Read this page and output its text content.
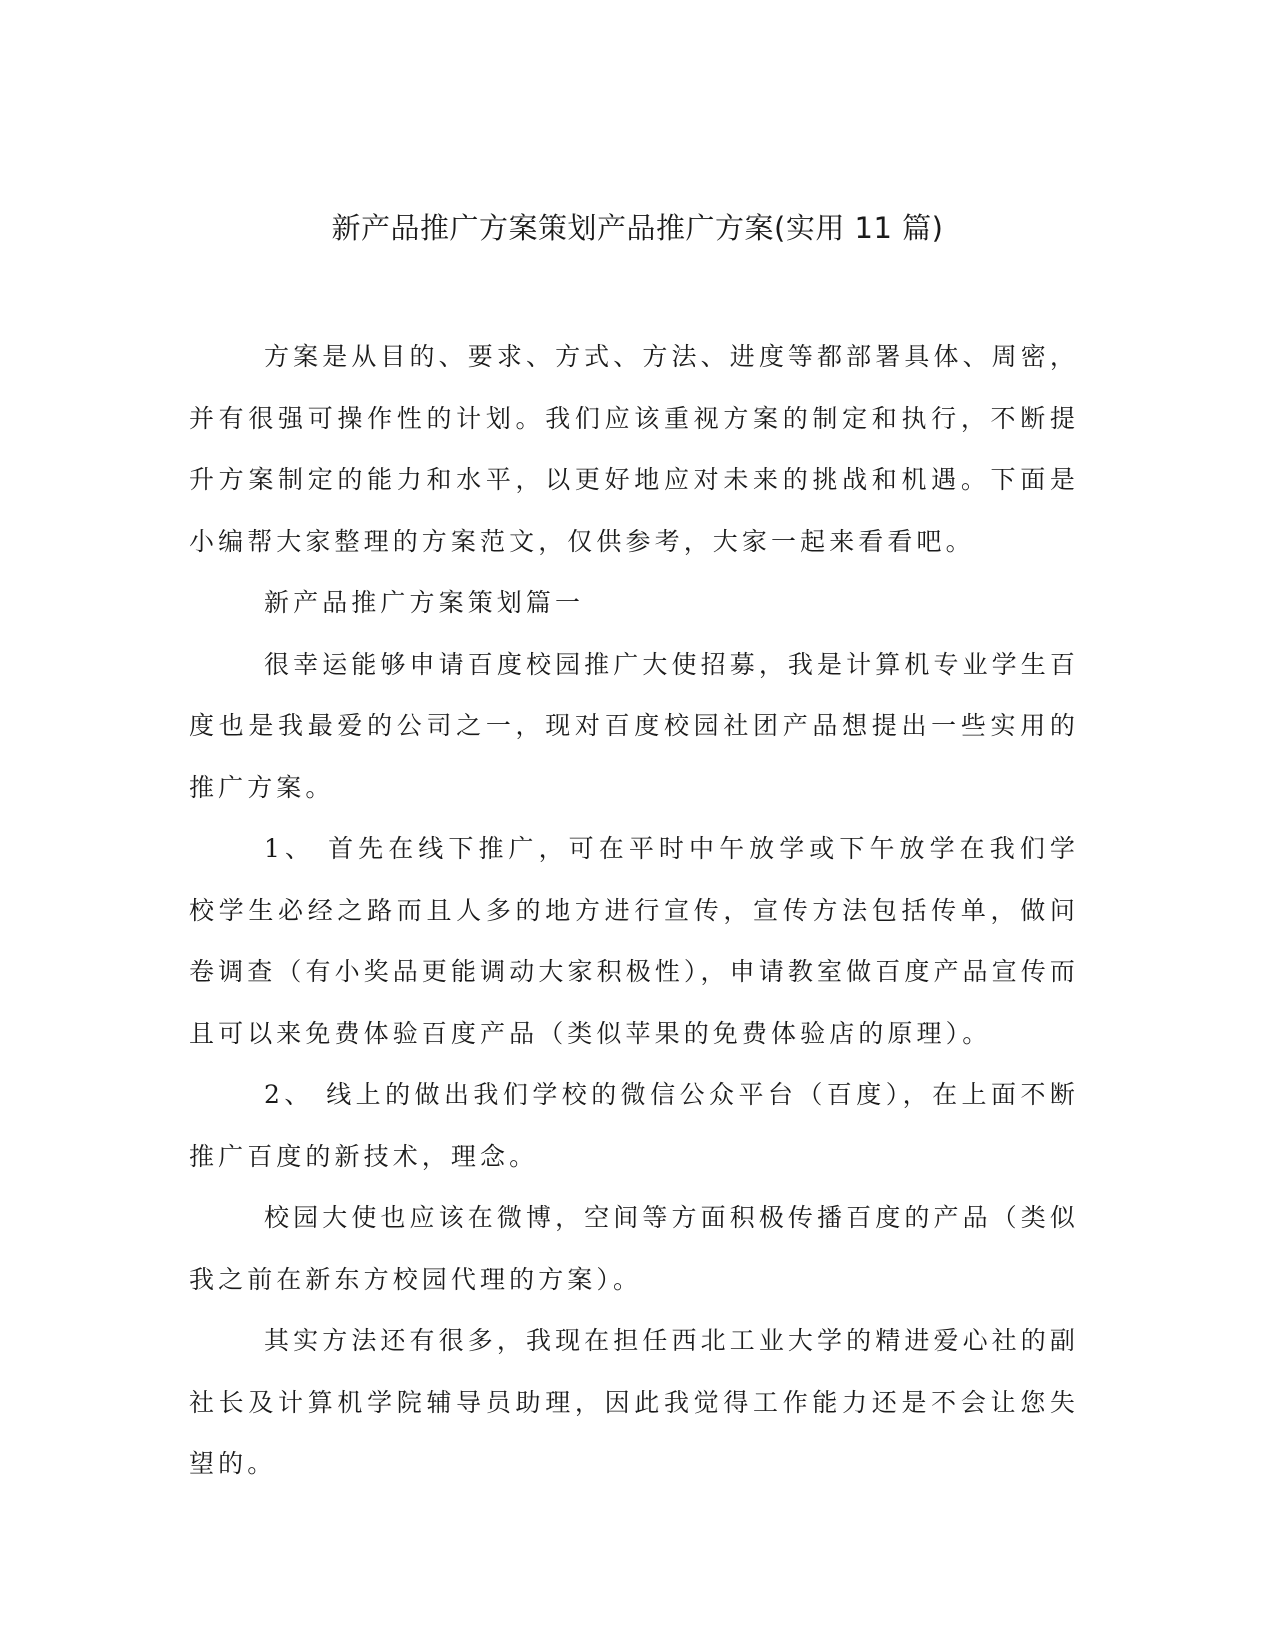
新产品推广方案策划产品推广方案(实用 11 篇)

方案是从目的、要求、方式、方法、进度等都部署具体、周密，并有很强可操作性的计划。我们应该重视方案的制定和执行，不断提升方案制定的能力和水平，以更好地应对未来的挑战和机遇。下面是小编帮大家整理的方案范文，仅供参考，大家一起来看看吧。

新产品推广方案策划篇一

很幸运能够申请百度校园推广大使招募，我是计算机专业学生百度也是我最爱的公司之一，现对百度校园社团产品想提出一些实用的推广方案。

1、 首先在线下推广，可在平时中午放学或下午放学在我们学校学生必经之路而且人多的地方进行宣传，宣传方法包括传单，做问卷调查（有小奖品更能调动大家积极性），申请教室做百度产品宣传而且可以来免费体验百度产品（类似苹果的免费体验店的原理）。

2、 线上的做出我们学校的微信公众平台（百度），在上面不断推广百度的新技术，理念。

校园大使也应该在微博，空间等方面积极传播百度的产品（类似我之前在新东方校园代理的方案）。

其实方法还有很多，我现在担任西北工业大学的精进爱心社的副社长及计算机学院辅导员助理，因此我觉得工作能力还是不会让您失望的。
